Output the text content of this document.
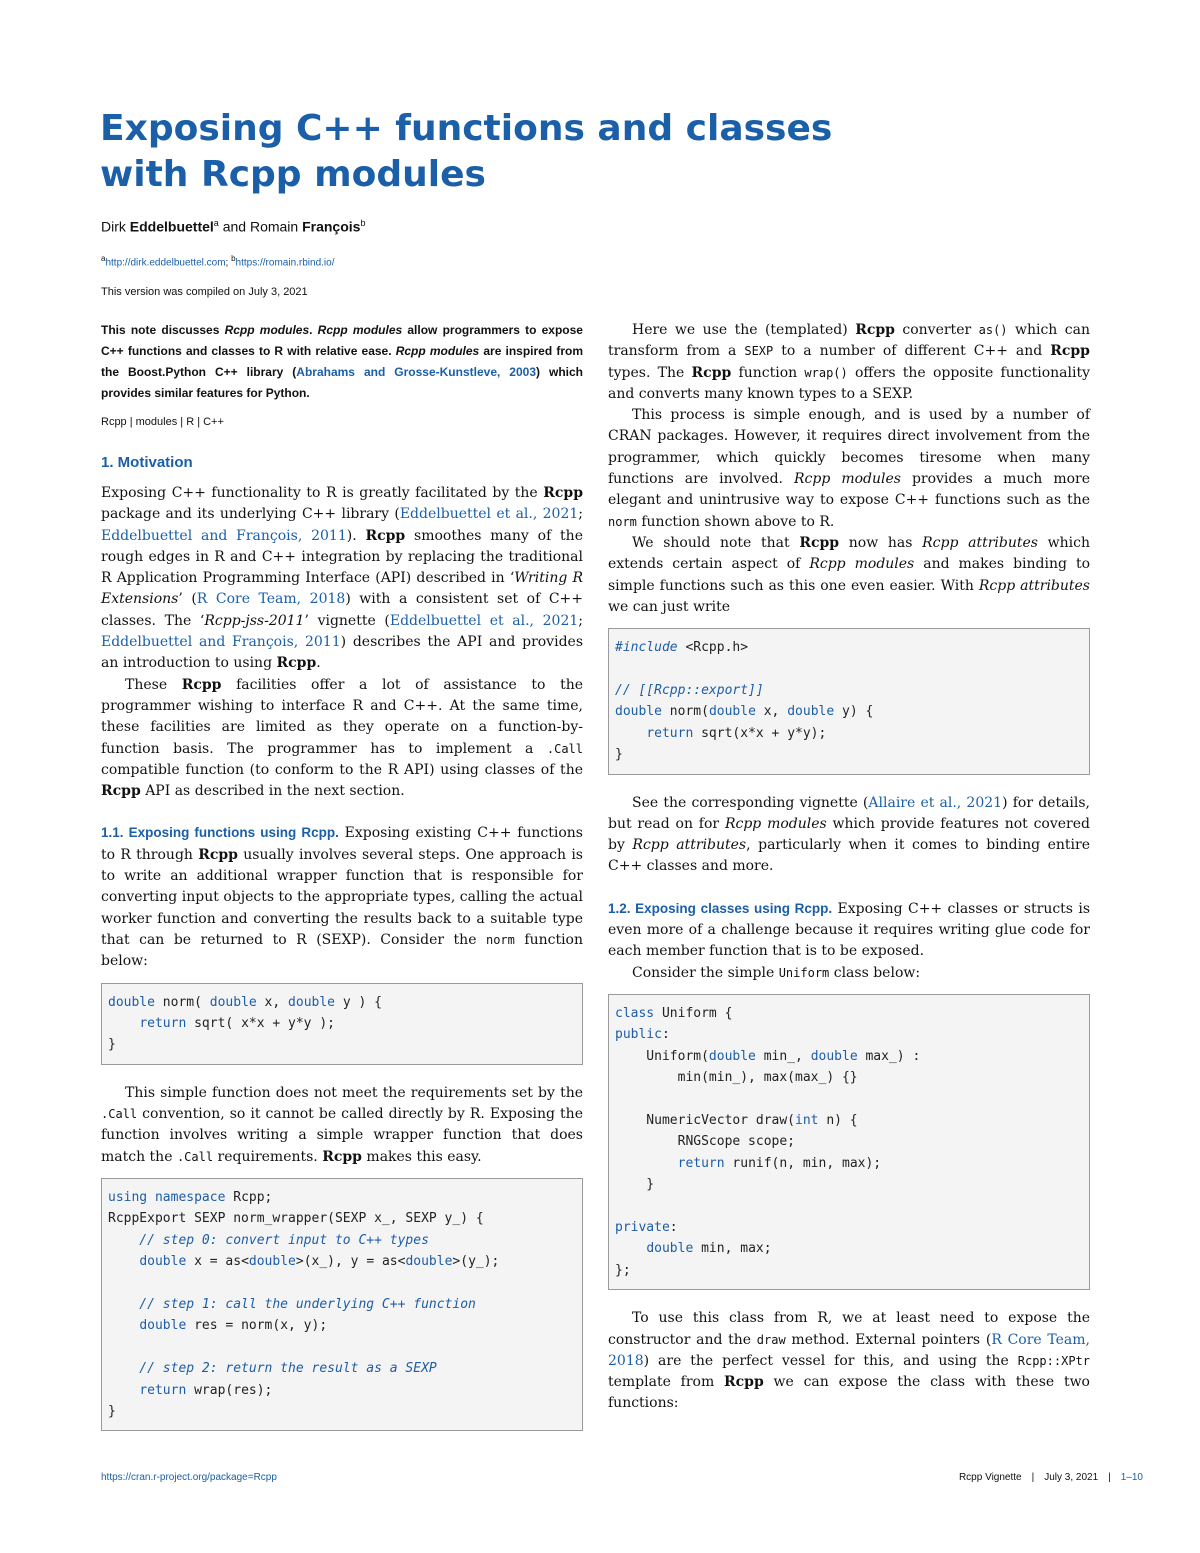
Exposing C++ functions and classes
with Rcpp modules
Dirk Eddelbuettel$^a$ and Romain François$^b$
$^a$http://dirk.eddelbuettel.com; $^b$https://romain.rbind.io/
This version was compiled on July 3, 2021

This note discusses Rcpp modules. Rcpp modules allow programmers to expose C++ functions and classes to R with relative ease. Rcpp modules are inspired from the Boost.Python C++ library (Abrahams and Grosse-Kunstleve, 2003) which provides similar features for Python.

Rcpp | modules | R | C++

1. Motivation

Exposing C++ functionality to R is greatly facilitated by the Rcpp package and its underlying C++ library (Eddelbuettel et al., 2021; Eddelbuettel and François, 2011). Rcpp smoothes many of the rough edges in R and C++ integration by replacing the traditional R Application Programming Interface (API) described in ‘Writing R Extensions’ (R Core Team, 2018) with a consistent set of C++ classes. The ‘Rcpp-jss-2011’ vignette (Eddelbuettel et al., 2021; Eddelbuettel and François, 2011) describes the API and provides an introduction to using Rcpp.

These Rcpp facilities offer a lot of assistance to the programmer wishing to interface R and C++. At the same time, these facilities are limited as they operate on a function-by-function basis. The programmer has to implement a .Call compatible function (to conform to the R API) using classes of the Rcpp API as described in the next section.

1.1. Exposing functions using Rcpp. Exposing existing C++ functions to R through Rcpp usually involves several steps. One approach is to write an additional wrapper function that is responsible for converting input objects to the appropriate types, calling the actual worker function and converting the results back to a suitable type that can be returned to R (SEXP). Consider the norm function below:

double norm( double x, double y ) {
return sqrt( x*x + y*y );
}

This simple function does not meet the requirements set by the .Call convention, so it cannot be called directly by R. Exposing the function involves writing a simple wrapper function that does match the .Call requirements. Rcpp makes this easy.

using namespace Rcpp;
RcppExport SEXP norm_wrapper(SEXP x_, SEXP y_) {
// step 0: convert input to C++ types
double x = as<double>(x_), y = as<double>(y_);

// step 1: call the underlying C++ function
double res = norm(x, y);

// step 2: return the result as a SEXP
return wrap(res);
}

Here we use the (templated) Rcpp converter as() which can transform from a SEXP to a number of different C++ and Rcpp types. The Rcpp function wrap() offers the opposite functionality and converts many known types to a SEXP.

This process is simple enough, and is used by a number of CRAN packages. However, it requires direct involvement from the programmer, which quickly becomes tiresome when many functions are involved. Rcpp modules provides a much more elegant and unintrusive way to expose C++ functions such as the norm function shown above to R.

We should note that Rcpp now has Rcpp attributes which extends certain aspect of Rcpp modules and makes binding to simple functions such as this one even easier. With Rcpp attributes we can just write

#include <Rcpp.h>

// [[Rcpp::export]]
double norm(double x, double y) {
return sqrt(x*x + y*y);
}

See the corresponding vignette (Allaire et al., 2021) for details, but read on for Rcpp modules which provide features not covered by Rcpp attributes, particularly when it comes to binding entire C++ classes and more.

1.2. Exposing classes using Rcpp. Exposing C++ classes or structs is even more of a challenge because it requires writing glue code for each member function that is to be exposed.

Consider the simple Uniform class below:

class Uniform {
public:
Uniform(double min_, double max_) :
min(min_), max(max_) {}

NumericVector draw(int n) {
RNGScope scope;
return runif(n, min, max);
}

private:
double min, max;
};

To use this class from R, we at least need to expose the constructor and the draw method. External pointers (R Core Team, 2018) are the perfect vessel for this, and using the Rcpp::XPtr template from Rcpp we can expose the class with these two functions:

https://cran.r-project.org/package=Rcpp	Rcpp Vignette | July 3, 2021 | 1–10
